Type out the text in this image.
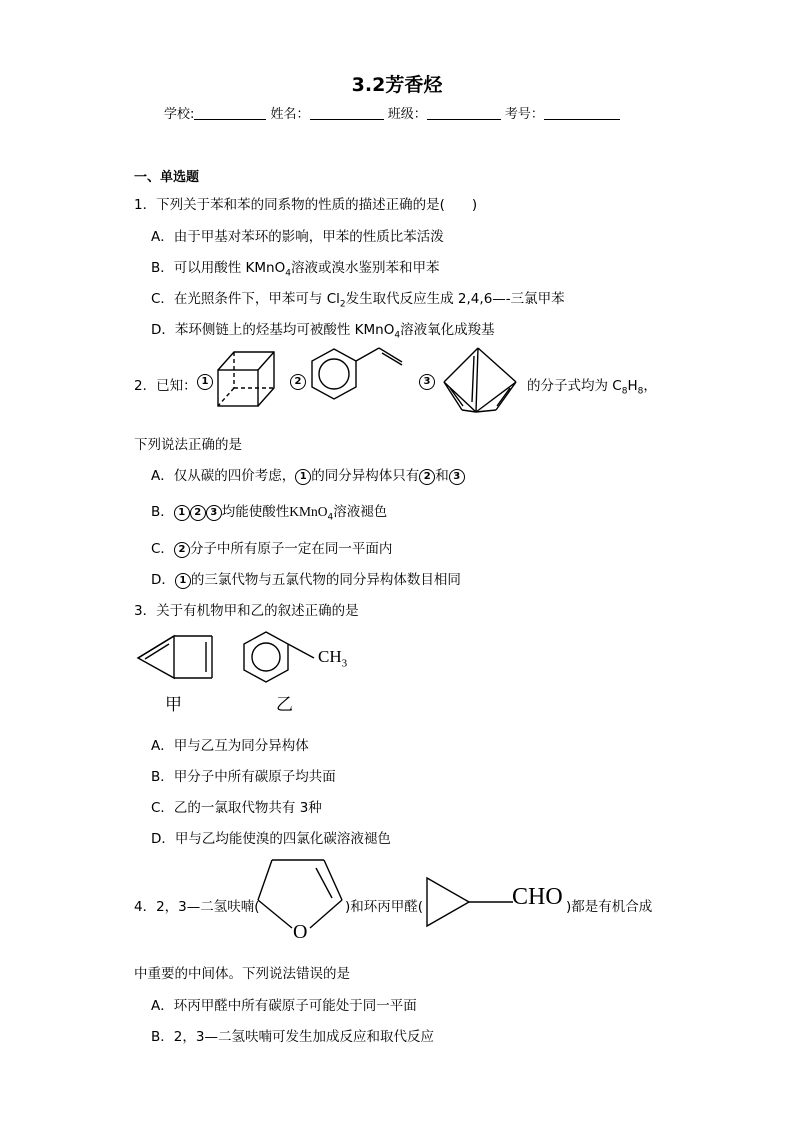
3.2芳香烃
学校:	姓名：	班级：	考号：
一、单选题
1．下列关于苯和苯的同系物的性质的描述正确的是(　　)
A．由于甲基对苯环的影响，甲苯的性质比苯活泼
B．可以用酸性 KMnO$_4$溶液或溴水鉴别苯和甲苯
C．在光照条件下，甲苯可与 $Cl_2$发生取代反应生成 2,4,6—-三氯甲苯
D．苯环侧链上的烃基均可被酸性 KMnO$_4$溶液氧化成羧基
2．已知： 1	2	3	的分子式均为 $C_8H_8$，
下列说法正确的是
A．仅从碳的四价考虑， 1 的同分异构体只有 2 和 3
B． 1 2 3 均能使酸性KMnO$_4$溶液褪色
C． 2 分子中所有原子一定在同一平面内
D． 1 的三氯代物与五氯代物的同分异构体数目相同
3．关于有机物甲和乙的叙述正确的是
甲
$CH_3$
乙
A．甲与乙互为同分异构体
B．甲分子中所有碳原子均共面
C．乙的一氯取代物共有 3种
D．甲与乙均能使溴的四氯化碳溶液褪色
4．2，3—二氢呋喃(
O
)和环丙甲醛(	CHO )都是有机合成
中重要的中间体。下列说法错误的是
A．环丙甲醛中所有碳原子可能处于同一平面
B．2，3—二氢呋喃可发生加成反应和取代反应
